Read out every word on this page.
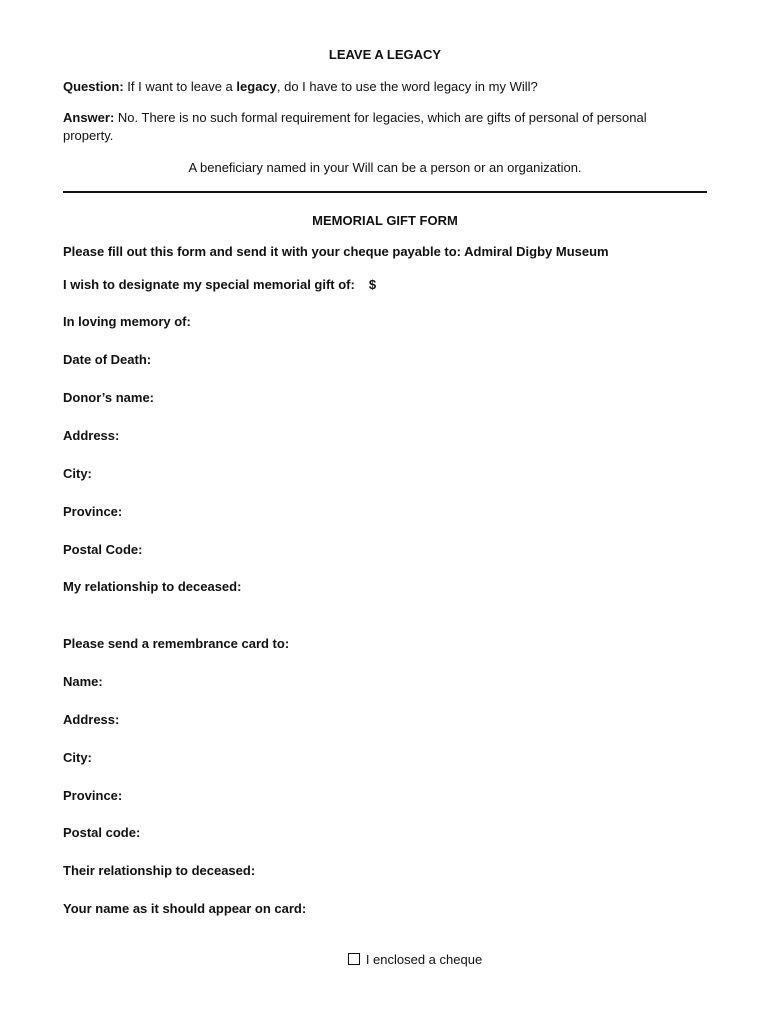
LEAVE A LEGACY
Question: If I want to leave a legacy, do I have to use the word legacy in my Will?
Answer: No. There is no such formal requirement for legacies, which are gifts of personal of personal property.
A beneficiary named in your Will can be a person or an organization.
MEMORIAL GIFT FORM
Please fill out this form and send it with your cheque payable to: Admiral Digby Museum
I wish to designate my special memorial gift of: $
In loving memory of:
Date of Death:
Donor’s name:
Address:
City:
Province:
Postal Code:
My relationship to deceased:
Please send a remembrance card to:
Name:
Address:
City:
Province:
Postal code:
Their relationship to deceased:
Your name as it should appear on card:
I enclosed a cheque
